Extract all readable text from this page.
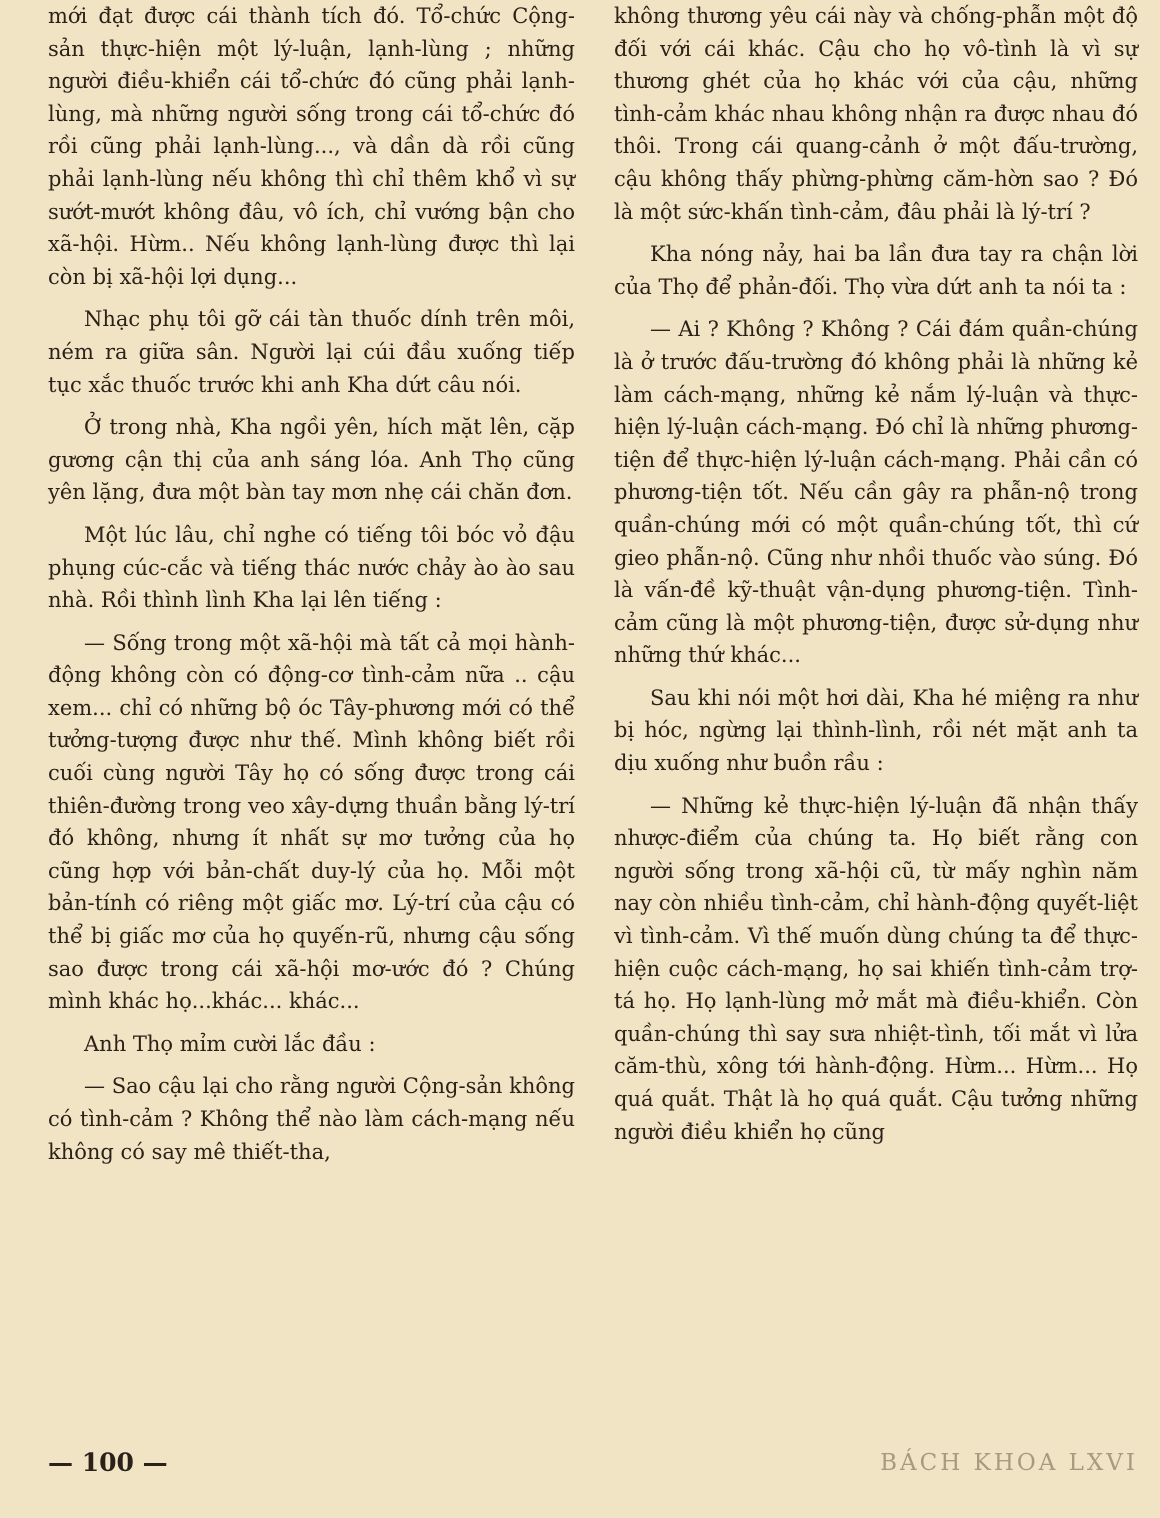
mới đạt được cái thành tích đó. Tổ-chức Cộng-sản thực-hiện một lý-luận, lạnh-lùng ; những người điều-khiển cái tổ-chức đó cũng phải lạnh-lùng, mà những người sống trong cái tổ-chức đó rồi cũng phải lạnh-lùng..., và dần dà rồi cũng phải lạnh-lùng nếu không thì chỉ thêm khổ vì sự sướt-mướt không đâu, vô ích, chỉ vướng bận cho xã-hội. Hừm.. Nếu không lạnh-lùng được thì lại còn bị xã-hội lợi dụng...

Nhạc phụ tôi gỡ cái tàn thuốc dính trên môi, ném ra giữa sân. Người lại cúi đầu xuống tiếp tục xắc thuốc trước khi anh Kha dứt câu nói.

Ở trong nhà, Kha ngồi yên, hích mặt lên, cặp gương cận thị của anh sáng lóa. Anh Thọ cũng yên lặng, đưa một bàn tay mơn nhẹ cái chăn đơn.

Một lúc lâu, chỉ nghe có tiếng tôi bóc vỏ đậu phụng cúc-cắc và tiếng thác nước chảy ào ào sau nhà. Rồi thình lình Kha lại lên tiếng :

— Sống trong một xã-hội mà tất cả mọi hành-động không còn có động-cơ tình-cảm nữa .. cậu xem... chỉ có những bộ óc Tây-phương mới có thể tưởng-tượng được như thế. Mình không biết rồi cuối cùng người Tây họ có sống được trong cái thiên-đường trong veo xây-dựng thuần bằng lý-trí đó không, nhưng ít nhất sự mơ tưởng của họ cũng hợp với bản-chất duy-lý của họ. Mỗi một bản-tính có riêng một giấc mơ. Lý-trí của cậu có thể bị giấc mơ của họ quyến-rũ, nhưng cậu sống sao được trong cái xã-hội mơ-ước đó ? Chúng mình khác họ...khác... khác...

Anh Thọ mỉm cười lắc đầu :

— Sao cậu lại cho rằng người Cộng-sản không có tình-cảm ? Không thể nào làm cách-mạng nếu không có say mê thiết-tha,

không thương yêu cái này và chống-phẫn một độ đối với cái khác. Cậu cho họ vô-tình là vì sự thương ghét của họ khác với của cậu, những tình-cảm khác nhau không nhận ra được nhau đó thôi. Trong cái quang-cảnh ở một đấu-trường, cậu không thấy phừng-phừng căm-hờn sao ? Đó là một sức-khấn tình-cảm, đâu phải là lý-trí ?

Kha nóng nảy, hai ba lần đưa tay ra chận lời của Thọ để phản-đối. Thọ vừa dứt anh ta nói ta :

— Ai ? Không ? Không ? Cái đám quần-chúng là ở trước đấu-trường đó không phải là những kẻ làm cách-mạng, những kẻ nắm lý-luận và thực-hiện lý-luận cách-mạng. Đó chỉ là những phương-tiện để thực-hiện lý-luận cách-mạng. Phải cần có phương-tiện tốt. Nếu cần gây ra phẫn-nộ trong quần-chúng mới có một quần-chúng tốt, thì cứ gieo phẫn-nộ. Cũng như nhồi thuốc vào súng. Đó là vấn-đề kỹ-thuật vận-dụng phương-tiện. Tình-cảm cũng là một phương-tiện, được sử-dụng như những thứ khác...

Sau khi nói một hơi dài, Kha hé miệng ra như bị hóc, ngừng lại thình-lình, rồi nét mặt anh ta dịu xuống như buồn rầu :

— Những kẻ thực-hiện lý-luận đã nhận thấy nhược-điểm của chúng ta. Họ biết rằng con người sống trong xã-hội cũ, từ mấy nghìn năm nay còn nhiều tình-cảm, chỉ hành-động quyết-liệt vì tình-cảm. Vì thế muốn dùng chúng ta để thực-hiện cuộc cách-mạng, họ sai khiến tình-cảm trợ-tá họ. Họ lạnh-lùng mở mắt mà điều-khiển. Còn quần-chúng thì say sưa nhiệt-tình, tối mắt vì lửa căm-thù, xông tới hành-động. Hừm... Hừm... Họ quá quắt. Thật là họ quá quắt. Cậu tưởng những người điều khiển họ cũng

— 100 —	BÁCH KHOA LXVI
